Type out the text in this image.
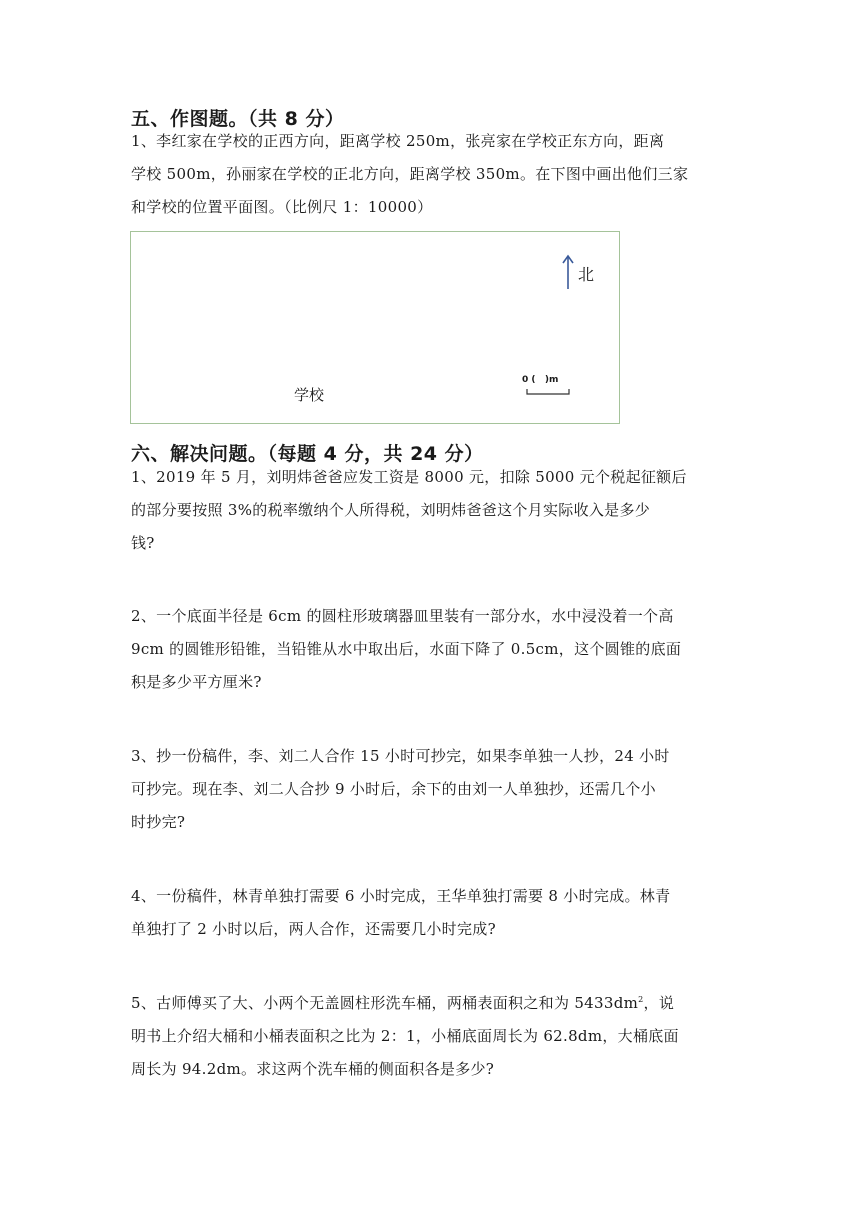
五、作图题。（共 8 分）
1、李红家在学校的正西方向，距离学校 250m，张亮家在学校正东方向，距离
学校 500m，孙丽家在学校的正北方向，距离学校 350m。在下图中画出他们三家
和学校的位置平面图。（比例尺 1：10000）
北
学校
0 (   )m
六、解决问题。（每题 4 分，共 24 分）
1、2019 年 5 月，刘明炜爸爸应发工资是 8000 元，扣除 5000 元个税起征额后
的部分要按照 3%的税率缴纳个人所得税，刘明炜爸爸这个月实际收入是多少
钱?
2、一个底面半径是 6cm 的圆柱形玻璃器皿里装有一部分水，水中浸没着一个高
9cm 的圆锥形铅锥，当铅锥从水中取出后，水面下降了 0.5cm，这个圆锥的底面
积是多少平方厘米?
3、抄一份稿件，李、刘二人合作 15 小时可抄完，如果李单独一人抄，24 小时
可抄完。现在李、刘二人合抄 9 小时后，余下的由刘一人单独抄，还需几个小
时抄完?
4、一份稿件，林青单独打需要 6 小时完成，王华单独打需要 8 小时完成。林青
单独打了 2 小时以后，两人合作，还需要几小时完成?
5、古师傅买了大、小两个无盖圆柱形洗车桶，两桶表面积之和为 $5433dm^2$，说
明书上介绍大桶和小桶表面积之比为 2：1，小桶底面周长为 62.8dm，大桶底面
周长为 94.2dm。求这两个洗车桶的侧面积各是多少?
